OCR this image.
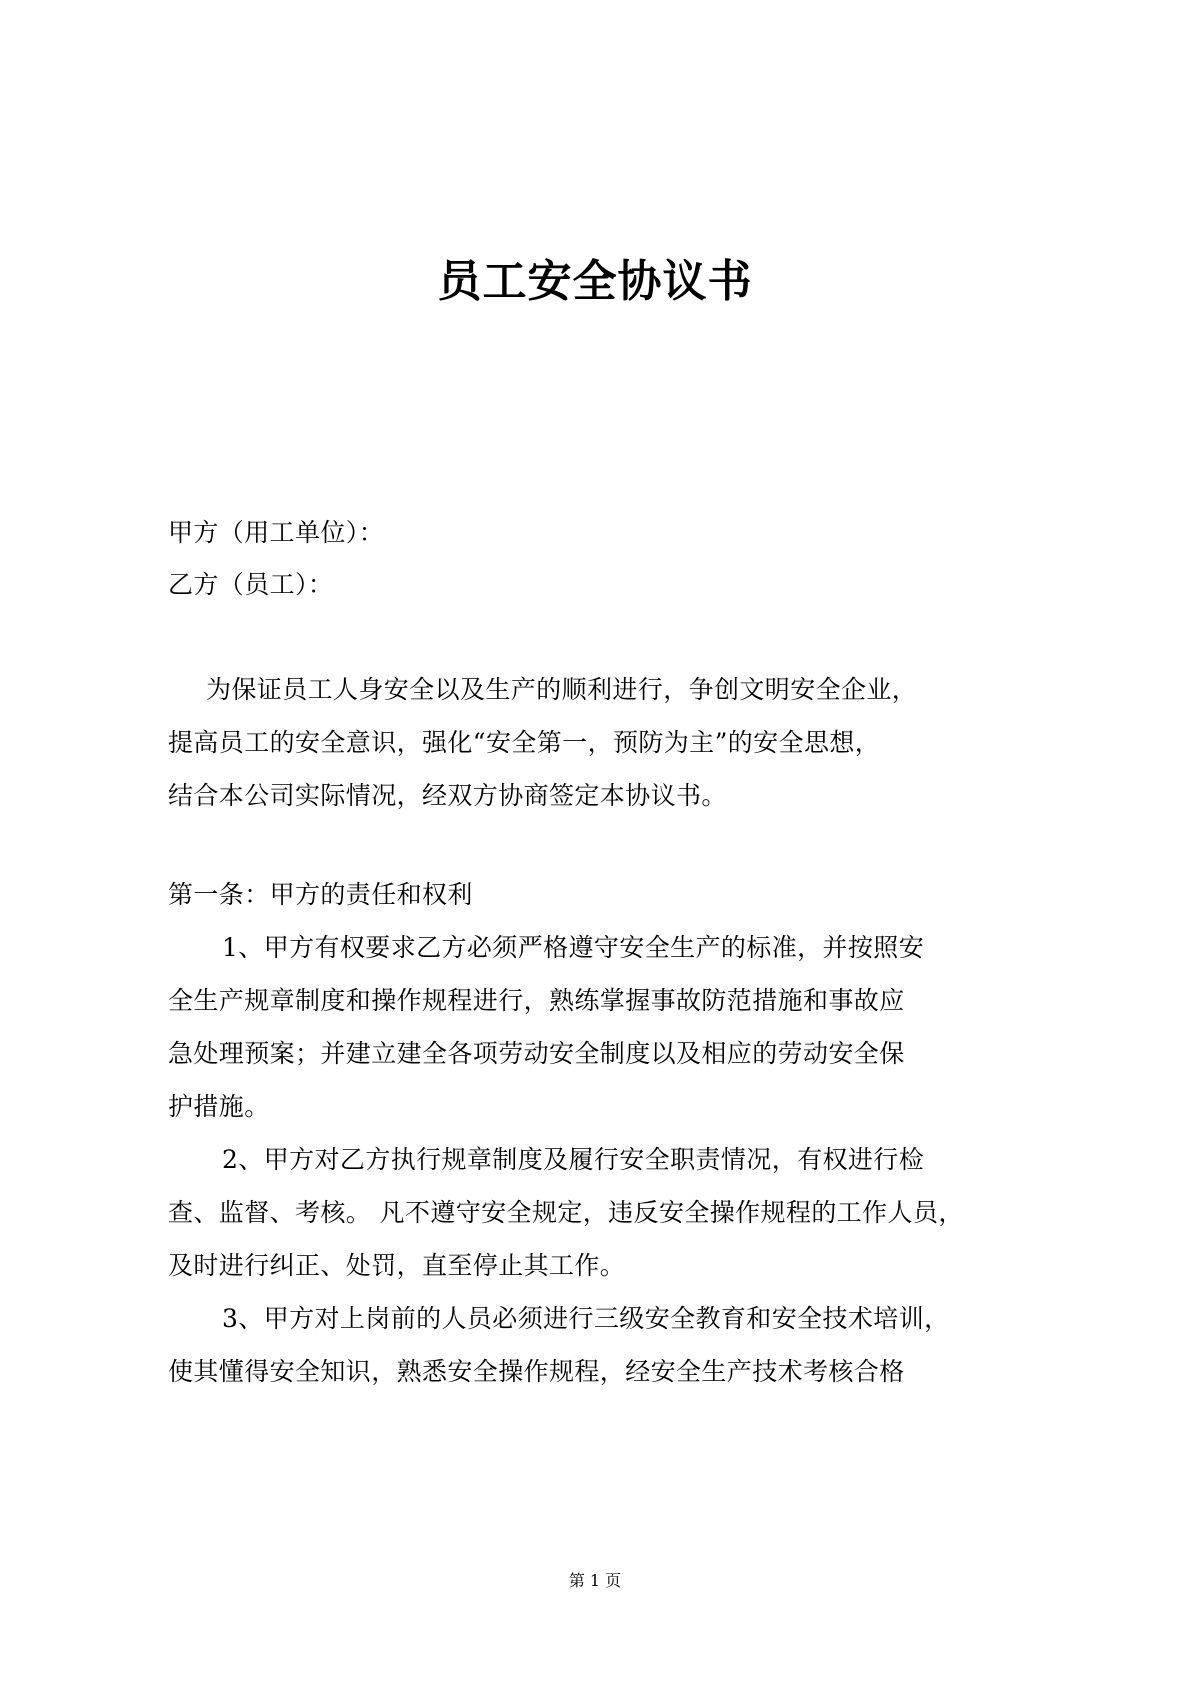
员工安全协议书
甲方（用工单位）：
乙方（员工）：
为保证员工人身安全以及生产的顺利进行，争创文明安全企业，
提高员工的安全意识，强化“安全第一，预防为主”的安全思想，
结合本公司实际情况，经双方协商签定本协议书。
第一条：甲方的责任和权利
1、甲方有权要求乙方必须严格遵守安全生产的标准，并按照安
全生产规章制度和操作规程进行，熟练掌握事故防范措施和事故应
急处理预案；并建立建全各项劳动安全制度以及相应的劳动安全保
护措施。
2、甲方对乙方执行规章制度及履行安全职责情况，有权进行检
查、监督、考核。 凡不遵守安全规定，违反安全操作规程的工作人员，
及时进行纠正、处罚，直至停止其工作。
3、甲方对上岗前的人员必须进行三级安全教育和安全技术培训，
使其懂得安全知识，熟悉安全操作规程，经安全生产技术考核合格
第 1 页
